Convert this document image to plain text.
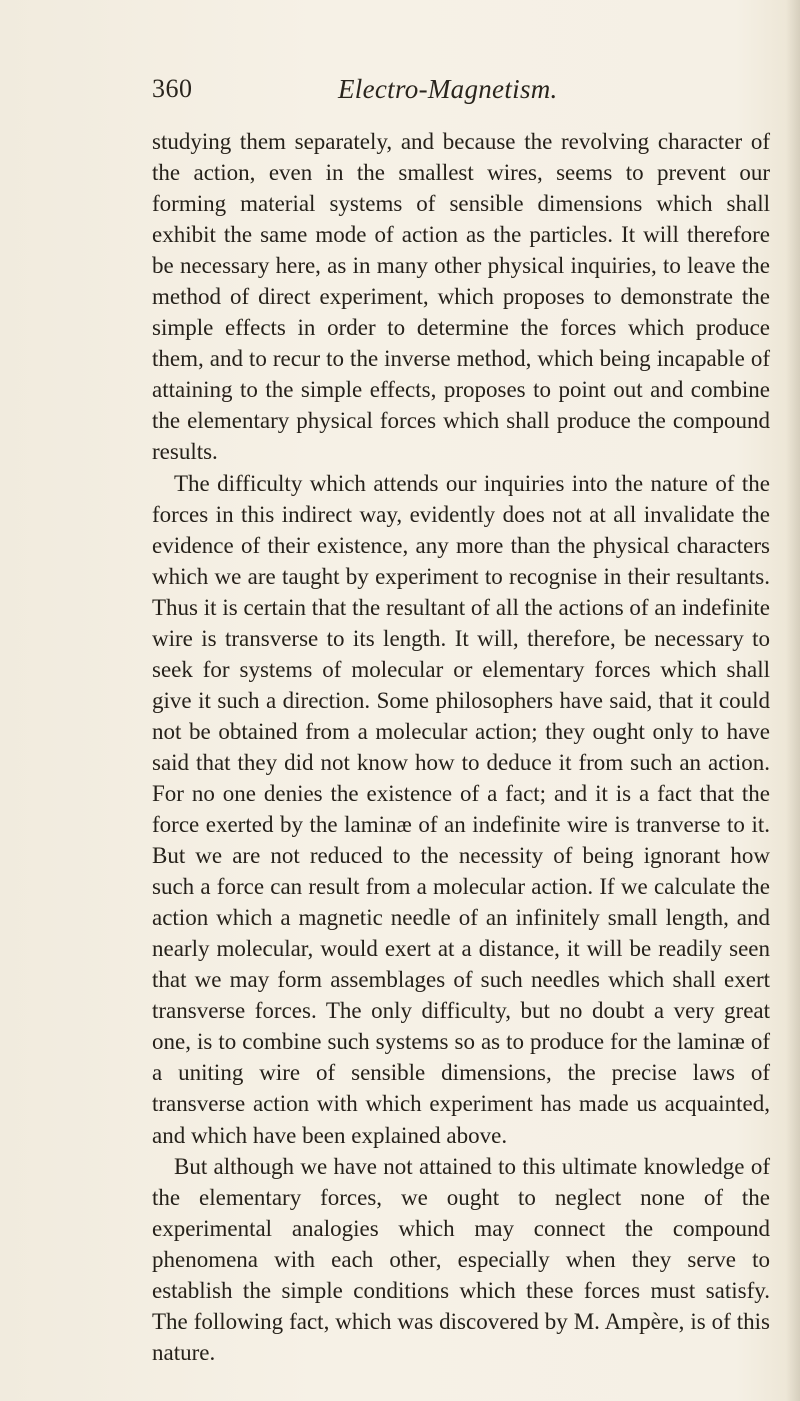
360	Electro-Magnetism.

studying them separately, and because the revolving character of the action, even in the smallest wires, seems to prevent our forming material systems of sensible dimensions which shall exhibit the same mode of action as the particles. It will therefore be necessary here, as in many other physical inquiries, to leave the method of direct experiment, which proposes to demonstrate the simple effects in order to determine the forces which produce them, and to recur to the inverse method, which being incapable of attaining to the simple effects, proposes to point out and combine the elementary physical forces which shall produce the compound results.

The difficulty which attends our inquiries into the nature of the forces in this indirect way, evidently does not at all invalidate the evidence of their existence, any more than the physical characters which we are taught by experiment to recognise in their resultants. Thus it is certain that the resultant of all the actions of an indefinite wire is transverse to its length. It will, therefore, be necessary to seek for systems of molecular or elementary forces which shall give it such a direction. Some philosophers have said, that it could not be obtained from a molecular action; they ought only to have said that they did not know how to deduce it from such an action. For no one denies the existence of a fact; and it is a fact that the force exerted by the laminæ of an indefinite wire is tranverse to it. But we are not reduced to the necessity of being ignorant how such a force can result from a molecular action. If we calculate the action which a magnetic needle of an infinitely small length, and nearly molecular, would exert at a distance, it will be readily seen that we may form assemblages of such needles which shall exert transverse forces. The only difficulty, but no doubt a very great one, is to combine such systems so as to produce for the laminæ of a uniting wire of sensible dimensions, the precise laws of transverse action with which experiment has made us acquainted, and which have been explained above.

But although we have not attained to this ultimate knowledge of the elementary forces, we ought to neglect none of the experimental analogies which may connect the compound phenomena with each other, especially when they serve to establish the simple conditions which these forces must satisfy. The following fact, which was discovered by M. Ampère, is of this nature.
